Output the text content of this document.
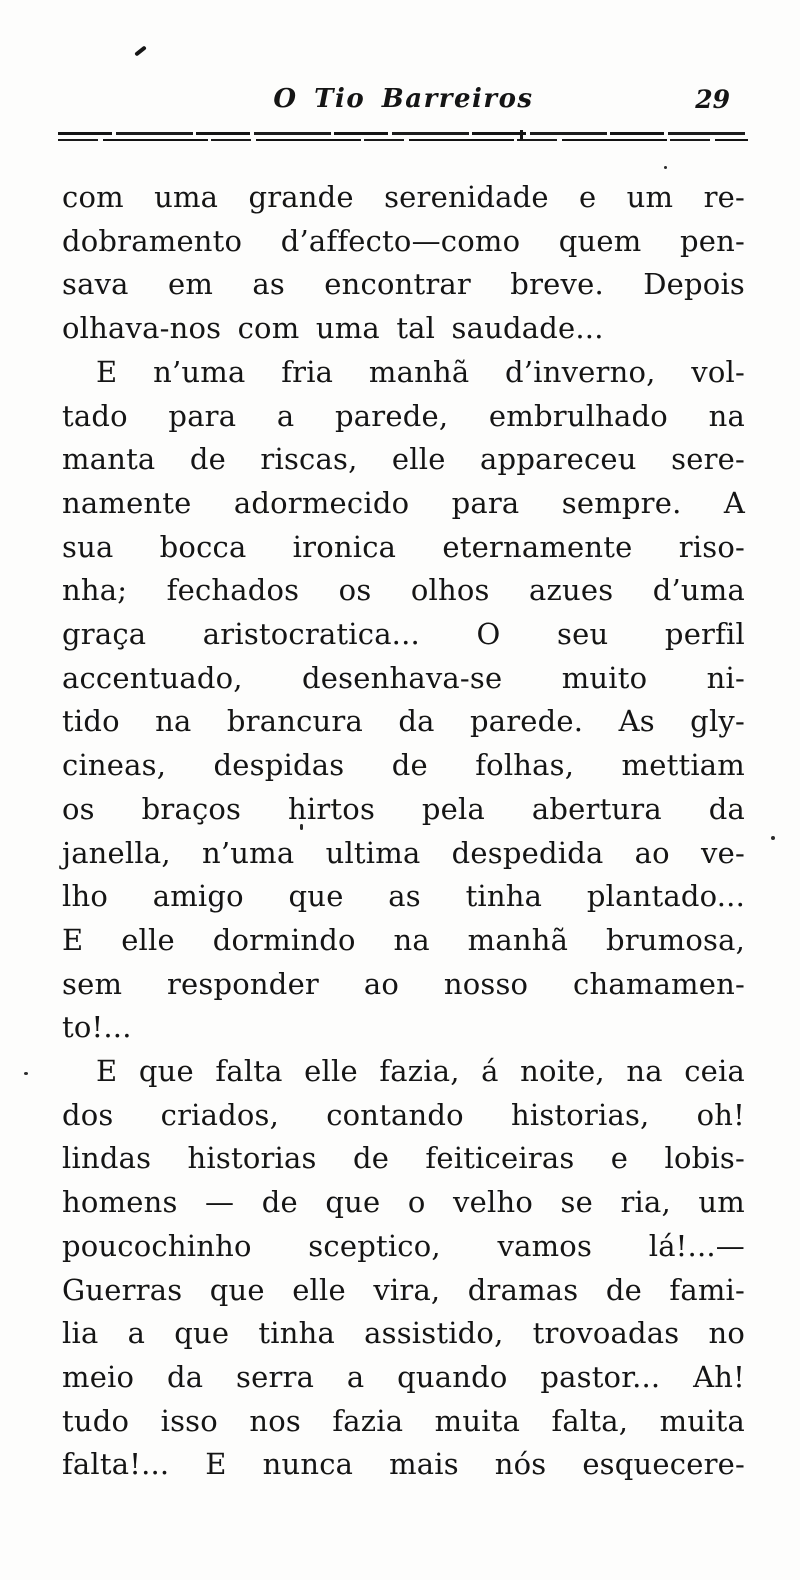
O Tio Barreiros	29
com uma grande serenidade e um re-
dobramento d’affecto—como quem pen-
sava em as encontrar breve. Depois
olhava-nos com uma tal saudade...
E n’uma fria manhã d’inverno, vol-
tado para a parede, embrulhado na
manta de riscas, elle appareceu sere-
namente adormecido para sempre. A
sua bocca ironica eternamente riso-
nha; fechados os olhos azues d’uma
graça aristocratica... O seu perfil
accentuado, desenhava-se muito ni-
tido na brancura da parede. As gly-
cineas, despidas de folhas, mettiam
os braços hirtos pela abertura da
janella, n’uma ultima despedida ao ve-
lho amigo que as tinha plantado...
E elle dormindo na manhã brumosa,
sem responder ao nosso chamamen-
to!...
E que falta elle fazia, á noite, na ceia
dos criados, contando historias, oh!
lindas historias de feiticeiras e lobis-
homens — de que o velho se ria, um
poucochinho sceptico, vamos lá!...—
Guerras que elle vira, dramas de fami-
lia a que tinha assistido, trovoadas no
meio da serra a quando pastor... Ah!
tudo isso nos fazia muita falta, muita
falta!... E nunca mais nós esquecere-
